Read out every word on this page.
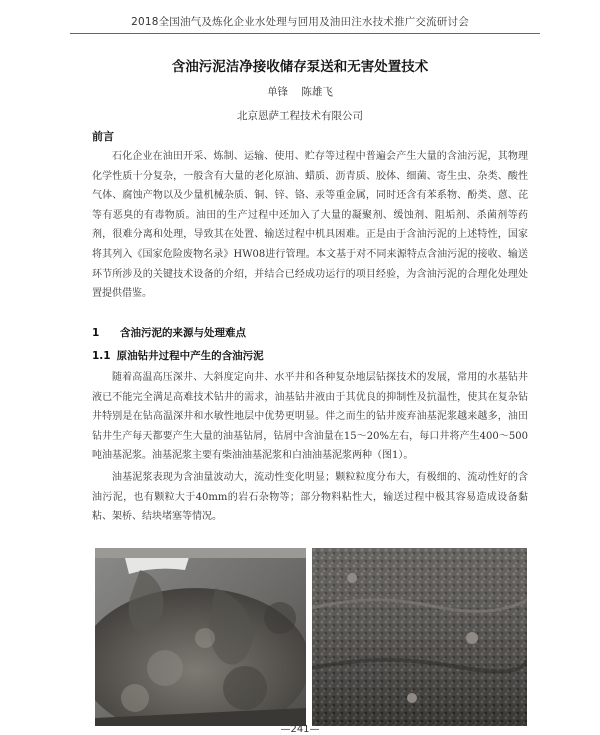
2018全国油气及炼化企业水处理与回用及油田注水技术推广交流研讨会
含油污泥洁净接收储存泵送和无害处置技术
单锋    陈雄飞
北京恩萨工程技术有限公司
前言
石化企业在油田开采、炼制、运输、使用、贮存等过程中普遍会产生大量的含油污泥，其物理化学性质十分复杂，一般含有大量的老化原油、蜡质、沥青质、胶体、细菌、寄生虫、杂类、酸性气体、腐蚀产物以及少量机械杂质、铜、锌、铬、汞等重金属，同时还含有苯系物、酚类、蒽、芘等有恶臭的有毒物质。油田的生产过程中还加入了大量的凝聚剂、缓蚀剂、阻垢剂、杀菌剂等药剂，很难分离和处理，导致其在处置、输送过程中机具困难。正是由于含油污泥的上述特性，国家将其列入《国家危险废物名录》HW08进行管理。本文基于对不同来源特点含油污泥的接收、输送环节所涉及的关键技术设备的介绍，并结合已经成功运行的项目经验，为含油污泥的合理化处理处置提供借鉴。
1 含油污泥的来源与处理难点
1.1 原油钻井过程中产生的含油污泥
随着高温高压深井、大斜度定向井、水平井和各种复杂地层钻探技术的发展，常用的水基钻井液已不能完全满足高难技术钻井的需求，油基钻井液由于其优良的抑制性及抗温性，使其在复杂钻井特别是在钻高温深井和水敏性地层中优势更明显。伴之而生的钻井废弃油基泥浆越来越多，油田钻井生产每天都要产生大量的油基钻屑，钻屑中含油量在15～20%左右，每口井将产生400～500吨油基泥浆。油基泥浆主要有柴油油基泥浆和白油油基泥浆两种（图1）。
油基泥浆表现为含油量波动大，流动性变化明显；颗粒粒度分布大，有极细的、流动性好的含油污泥，也有颗粒大于40mm的岩石杂物等；部分物料粘性大，输送过程中极其容易造成设备黏粘、架桥、结块堵塞等情况。
—241—
